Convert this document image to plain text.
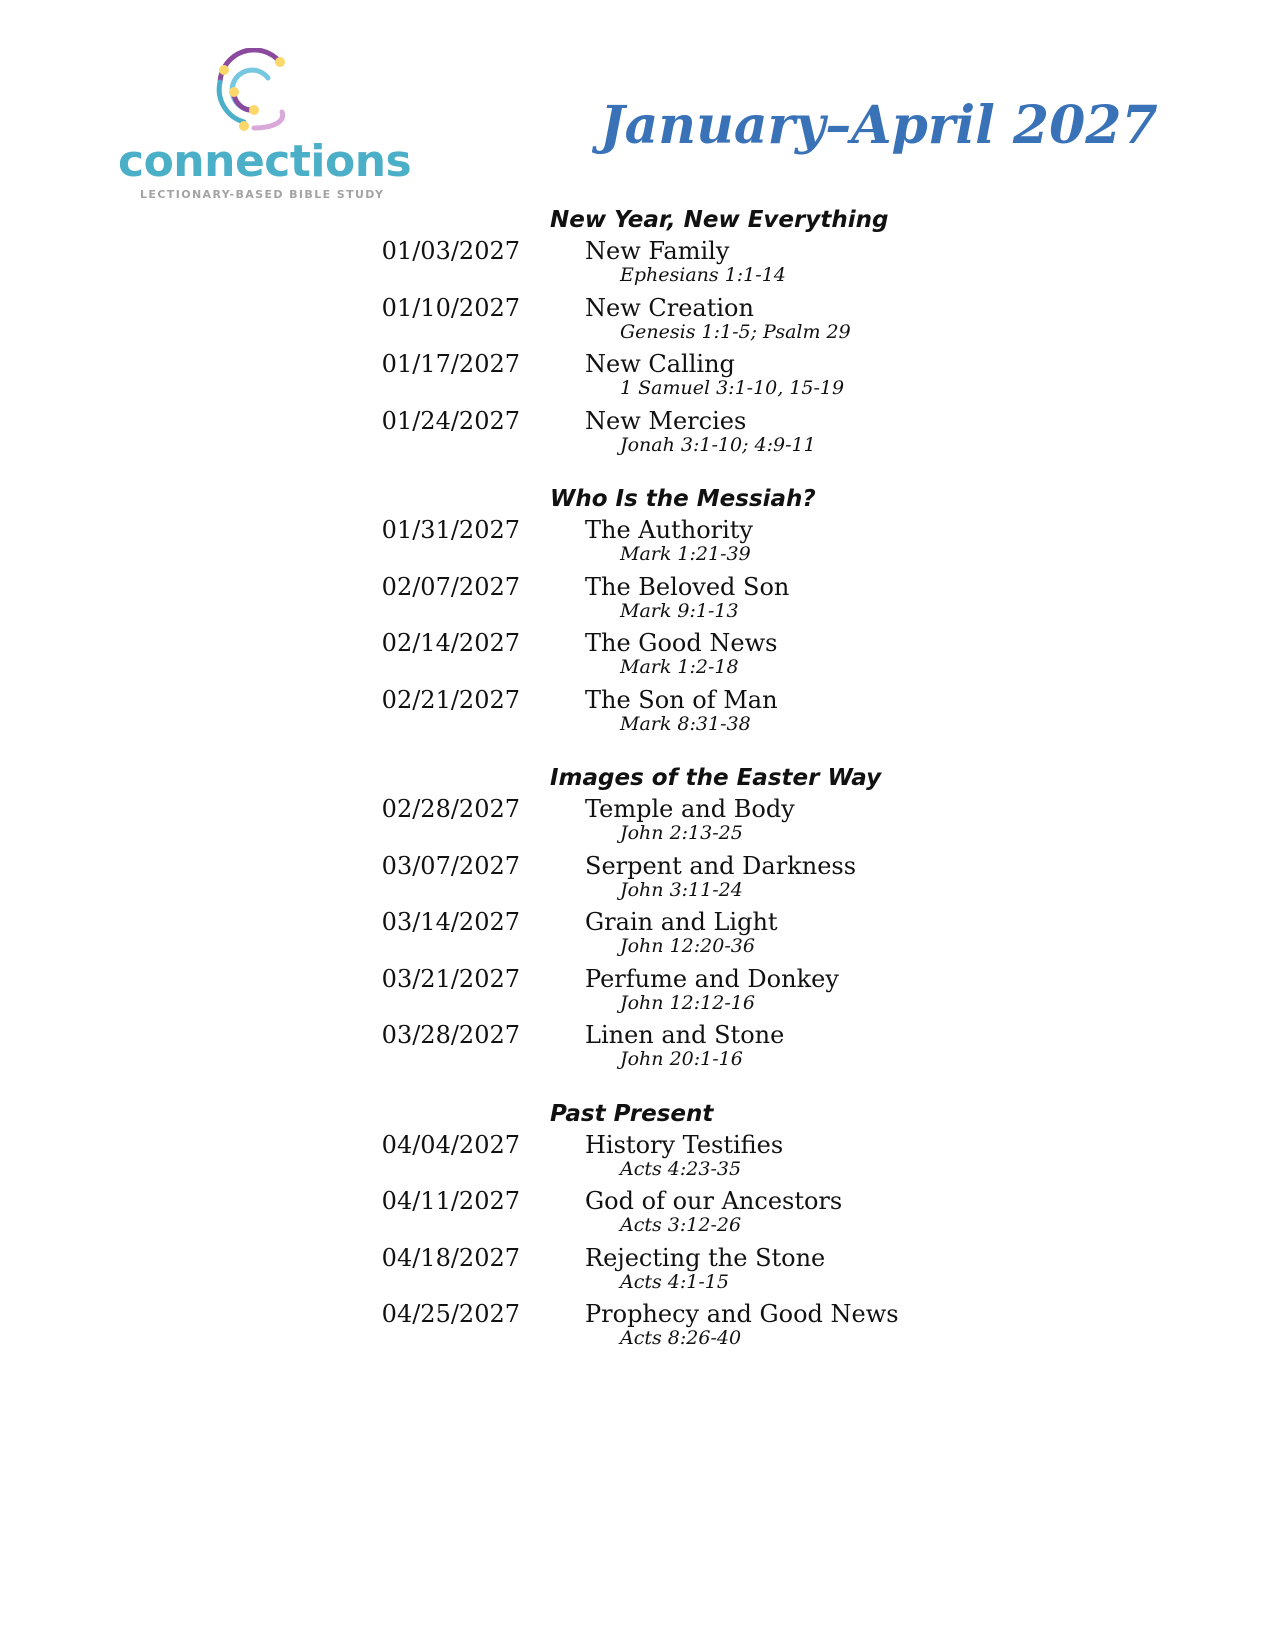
connections
LECTIONARY-BASED BIBLE STUDY
January–April 2027
New Year, New Everything
01/03/2027	New Family
Ephesians 1:1-14
01/10/2027	New Creation
Genesis 1:1-5; Psalm 29
01/17/2027	New Calling
1 Samuel 3:1-10, 15-19
01/24/2027	New Mercies
Jonah 3:1-10; 4:9-11
Who Is the Messiah?
01/31/2027	The Authority
Mark 1:21-39
02/07/2027	The Beloved Son
Mark 9:1-13
02/14/2027	The Good News
Mark 1:2-18
02/21/2027	The Son of Man
Mark 8:31-38
Images of the Easter Way
02/28/2027	Temple and Body
John 2:13-25
03/07/2027	Serpent and Darkness
John 3:11-24
03/14/2027	Grain and Light
John 12:20-36
03/21/2027	Perfume and Donkey
John 12:12-16
03/28/2027	Linen and Stone
John 20:1-16
Past Present
04/04/2027	History Testifies
Acts 4:23-35
04/11/2027	God of our Ancestors
Acts 3:12-26
04/18/2027	Rejecting the Stone
Acts 4:1-15
04/25/2027	Prophecy and Good News
Acts 8:26-40
